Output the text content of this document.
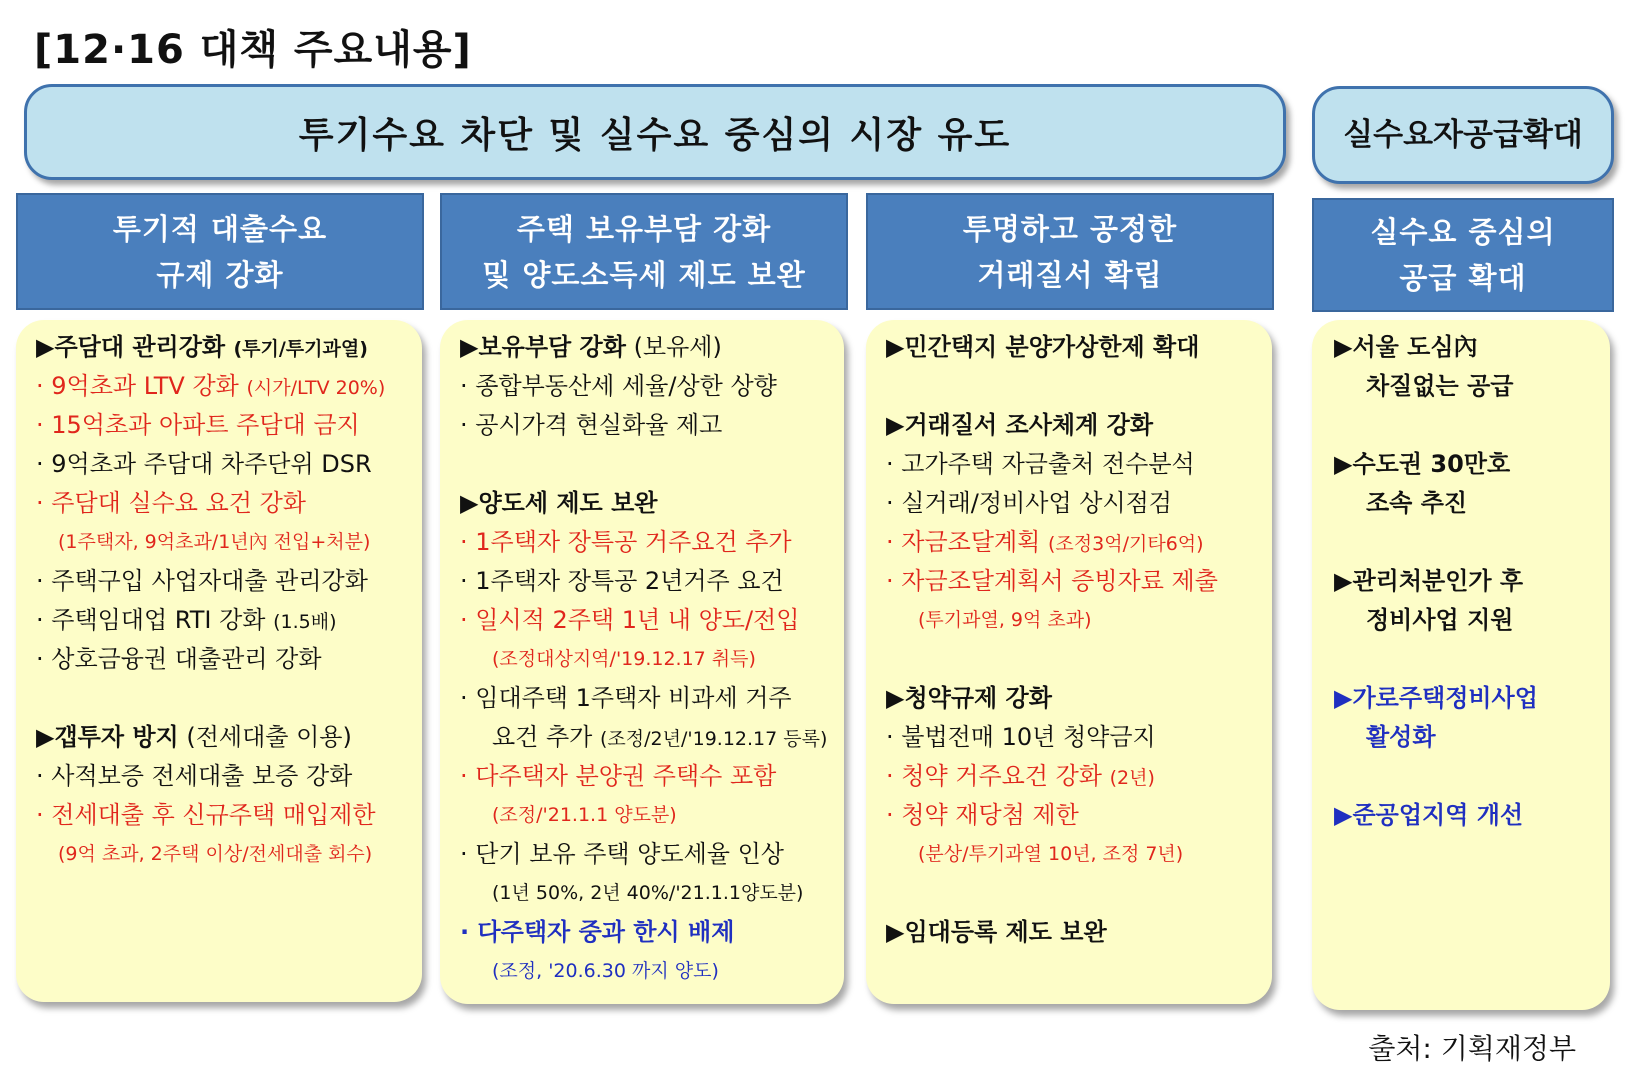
[12·16 대책 주요내용]
투기수요 차단 및 실수요 중심의 시장 유도	실수요자 공급확대
투기적 대출수요
규제 강화
주택 보유부담 강화
및 양도소득세 제도 보완
투명하고 공정한
거래질서 확립
실수요 중심의
공급 확대
▶주담대 관리강화 (투기/투기과열)
· 9억초과 LTV 강화 (시가/LTV 20%)
· 15억초과 아파트 주담대 금지
· 9억초과 주담대 차주단위 DSR
· 주담대 실수요 요건 강화
(1주택자, 9억초과/1년內 전입+처분)
· 주택구입 사업자대출 관리강화
· 주택임대업 RTI 강화 (1.5배)
· 상호금융권 대출관리 강화
▶갭투자 방지 (전세대출 이용)
· 사적보증 전세대출 보증 강화
· 전세대출 후 신규주택 매입제한
(9억 초과, 2주택 이상/전세대출 회수)
▶보유부담 강화 (보유세)
· 종합부동산세 세율/상한 상향
· 공시가격 현실화율 제고
▶양도세 제도 보완
· 1주택자 장특공 거주요건 추가
· 1주택자 장특공 2년거주 요건
· 일시적 2주택 1년 내 양도/전입
(조정대상지역/'19.12.17 취득)
· 임대주택 1주택자 비과세 거주
요건 추가 (조정/2년/'19.12.17 등록)
· 다주택자 분양권 주택수 포함
(조정/'21.1.1 양도분)
· 단기 보유 주택 양도세율 인상
(1년 50%, 2년 40%/'21.1.1양도분)
· 다주택자 중과 한시 배제
(조정, '20.6.30 까지 양도)
▶민간택지 분양가상한제 확대
▶거래질서 조사체계 강화
· 고가주택 자금출처 전수분석
· 실거래/정비사업 상시점검
· 자금조달계획 (조정3억/기타6억)
· 자금조달계획서 증빙자료 제출
(투기과열, 9억 초과)
▶청약규제 강화
· 불법전매 10년 청약금지
· 청약 거주요건 강화 (2년)
· 청약 재당첨 제한
(분상/투기과열 10년, 조정 7년)
▶임대등록 제도 보완
▶서울 도심內
차질없는 공급
▶수도권 30만호
조속 추진
▶관리처분인가 후
정비사업 지원
▶가로주택정비사업
활성화
▶준공업지역 개선
출처: 기획재정부
